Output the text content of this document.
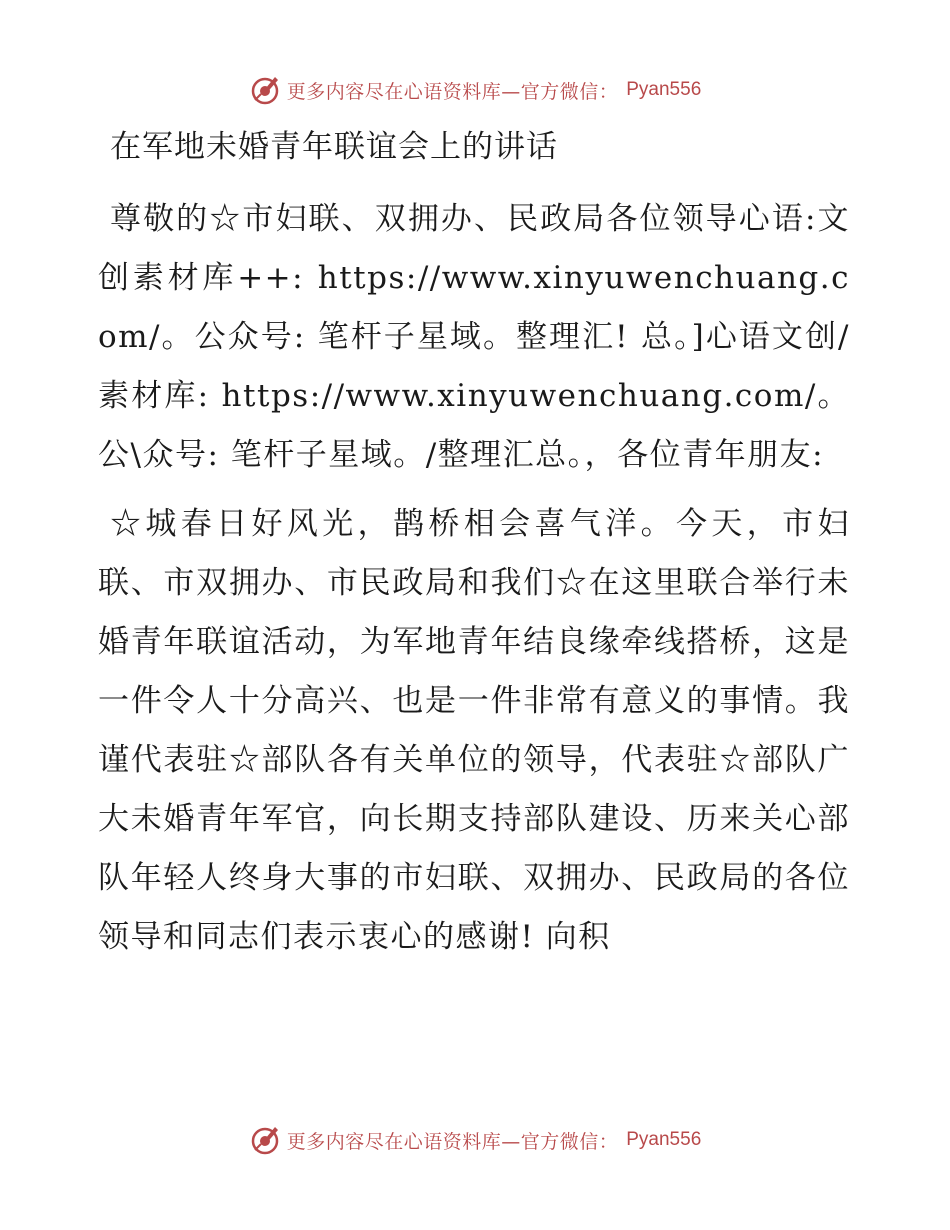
更多内容尽在心语资料库—官方微信： Pyan556
在军地未婚青年联谊会上的讲话

尊敬的☆市妇联、双拥办、民政局各位领导心语:文创素材库++: https://www.xinyuwenchuang.com/。公众号: 笔杆子星域。整理汇! 总。]心语文创/素材库: https://www.xinyuwenchuang.com/。公\众号: 笔杆子星域。/整理汇总。，各位青年朋友:

☆城春日好风光，鹊桥相会喜气洋。今天，市妇联、市双拥办、市民政局和我们☆在这里联合举行未婚青年联谊活动，为军地青年结良缘牵线搭桥，这是一件令人十分高兴、也是一件非常有意义的事情。我谨代表驻☆部队各有关单位的领导，代表驻☆部队广大未婚青年军官，向长期支持部队建设、历来关心部队年轻人终身大事的市妇联、双拥办、民政局的各位领导和同志们表示衷心的感谢! 向积

更多内容尽在心语资料库—官方微信： Pyan556
